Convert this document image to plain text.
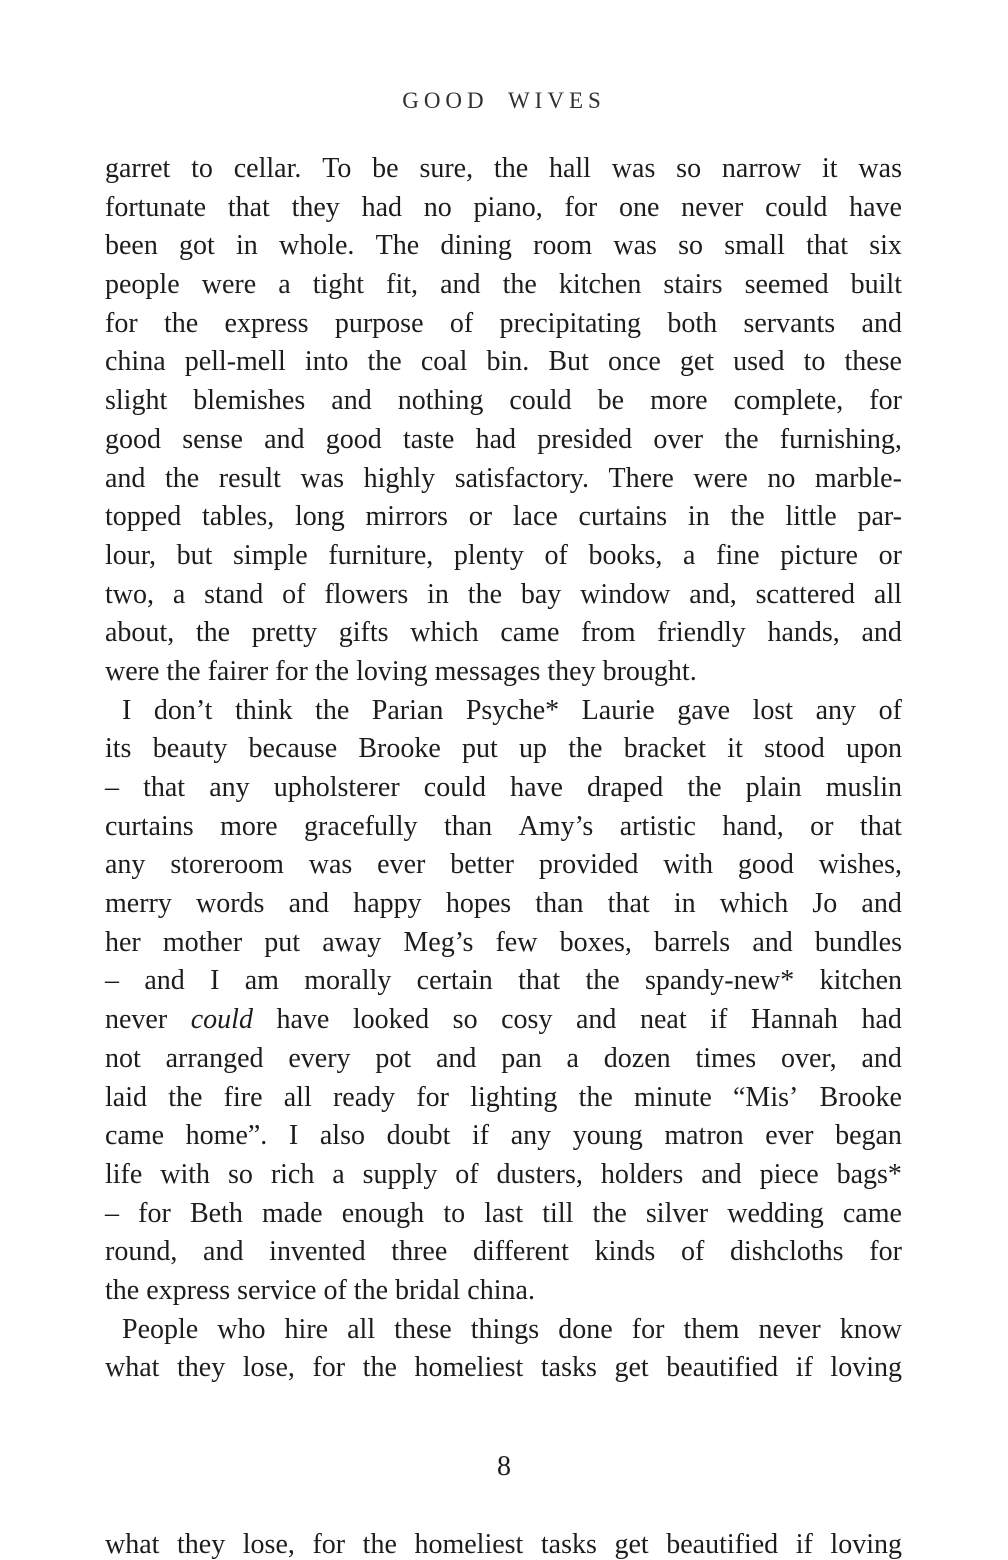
GOOD WIVES
garret to cellar. To be sure, the hall was so narrow it was
fortunate that they had no piano, for one never could have
been got in whole. The dining room was so small that six
people were a tight fit, and the kitchen stairs seemed built
for the express purpose of precipitating both servants and
china pell-mell into the coal bin. But once get used to these
slight blemishes and nothing could be more complete, for
good sense and good taste had presided over the furnishing,
and the result was highly satisfactory. There were no marble-
topped tables, long mirrors or lace curtains in the little par-
lour, but simple furniture, plenty of books, a fine picture or
two, a stand of flowers in the bay window and, scattered all
about, the pretty gifts which came from friendly hands, and
were the fairer for the loving messages they brought.
I don’t think the Parian Psyche* Laurie gave lost any of
its beauty because Brooke put up the bracket it stood upon
– that any upholsterer could have draped the plain muslin
curtains more gracefully than Amy’s artistic hand, or that
any storeroom was ever better provided with good wishes,
merry words and happy hopes than that in which Jo and
her mother put away Meg’s few boxes, barrels and bundles
– and I am morally certain that the spandy-new* kitchen
never could have looked so cosy and neat if Hannah had
not arranged every pot and pan a dozen times over, and
laid the fire all ready for lighting the minute “Mis’ Brooke
came home”. I also doubt if any young matron ever began
life with so rich a supply of dusters, holders and piece bags*
– for Beth made enough to last till the silver wedding came
round, and invented three different kinds of dishcloths for
the express service of the bridal china.
People who hire all these things done for them never know
what they lose, for the homeliest tasks get beautified if loving
8
what they lose, for the homeliest tasks get beautified if loving
